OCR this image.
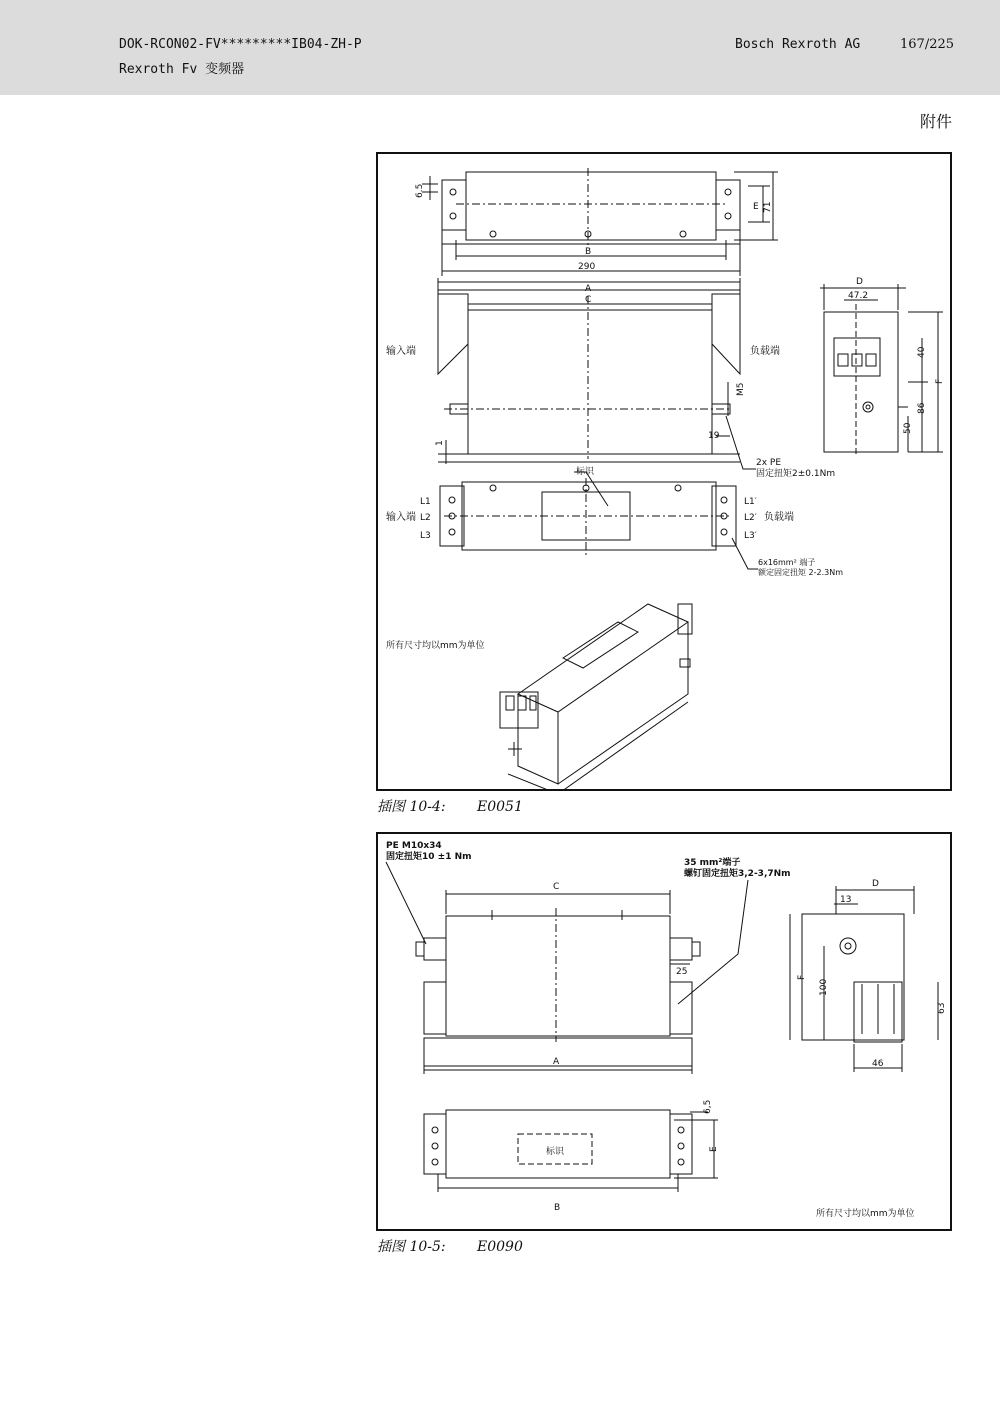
DOK-RCON02-FV*********IB04-ZH-P
Rexroth Fv 变频器
Bosch Rexroth AG	167/225
附件
6.5
E 71
B
290
A
C
输入端	负载端
M5
19
1
2x PE
固定扭矩2±0.1Nm
D
47.2
40
F
86
50
标识
L1
L2
L3
输入端
L1′
L2′
L3′
负载端
6x16mm² 端子
额定固定扭矩 2-2.3Nm
所有尺寸均以mm为单位
插图 10-4: E0051
PE M10x34
固定扭矩10 ±1 Nm
35 mm²端子
螺钉固定扭矩3,2-3,7Nm
C
A
25
D
13
F
100
63
46
标识
6,5
E
B
所有尺寸均以mm为单位
插图 10-5: E0090
